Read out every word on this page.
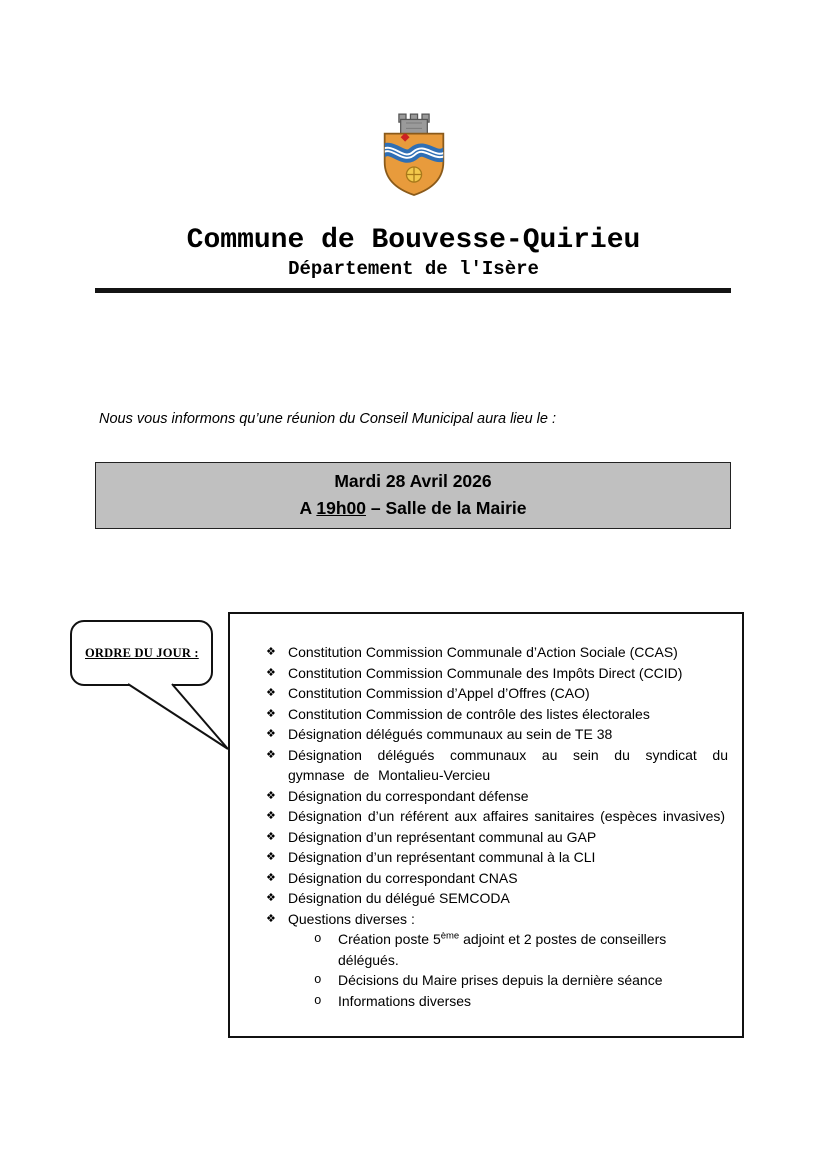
Commune de Bouvesse-Quirieu
Département de l'Isère
Nous vous informons qu’une réunion du Conseil Municipal aura lieu le :
Mardi 28 Avril 2026
A 19h00 – Salle de la Mairie
ORDRE DU JOUR :	❖ Constitution Commission Communale d’Action Sociale (CCAS)
❖ Constitution Commission Communale des Impôts Direct (CCID)
❖ Constitution Commission d’Appel d’Offres (CAO)
❖ Constitution Commission de contrôle des listes électorales
❖ Désignation délégués communaux au sein de TE 38
❖ Désignation délégués communaux au sein du syndicat du gymnase de Montalieu-Vercieu
❖ Désignation du correspondant défense
❖ Désignation d’un référent aux affaires sanitaires (espèces invasives)
❖ Désignation d’un représentant communal au GAP
❖ Désignation d’un représentant communal à la CLI
❖ Désignation du correspondant CNAS
❖ Désignation du délégué SEMCODA
❖ Questions diverses :
o Création poste 5ème adjoint et 2 postes de conseillers délégués.
o Décisions du Maire prises depuis la dernière séance
o Informations diverses
